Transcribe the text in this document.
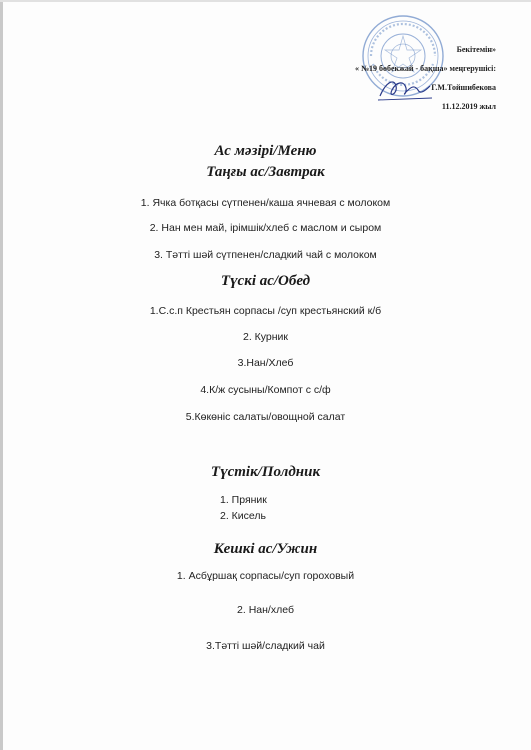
Бекітемін»
« №19 бөбекжай - бақша» меңгерушісі:
Г.М.Тойшибекова
11.12.2019 жыл
Ас мәзірі/Меню
Таңғы ас/Завтрак
1. Ячка ботқасы сүтпенен/каша ячневая с молоком
2. Нан мен май, ірімшік/хлеб с маслом и сыром
3. Тәтті шәй сүтпенен/сладкий чай с молоком
Түскі ас/Обед
1.С.с.п Крестьян сорпасы /суп крестьянский к/б
2. Курник
3.Нан/Хлеб
4.К/ж сусыны/Компот с с/ф
5.Көкөніс салаты/овощной салат
Түстік/Полдник
1. Пряник
2. Кисель
Кешкі ас/Ужин
1. Асбұршақ сорпасы/суп гороховый
2. Нан/хлеб
3.Тәтті шәй/сладкий чай
